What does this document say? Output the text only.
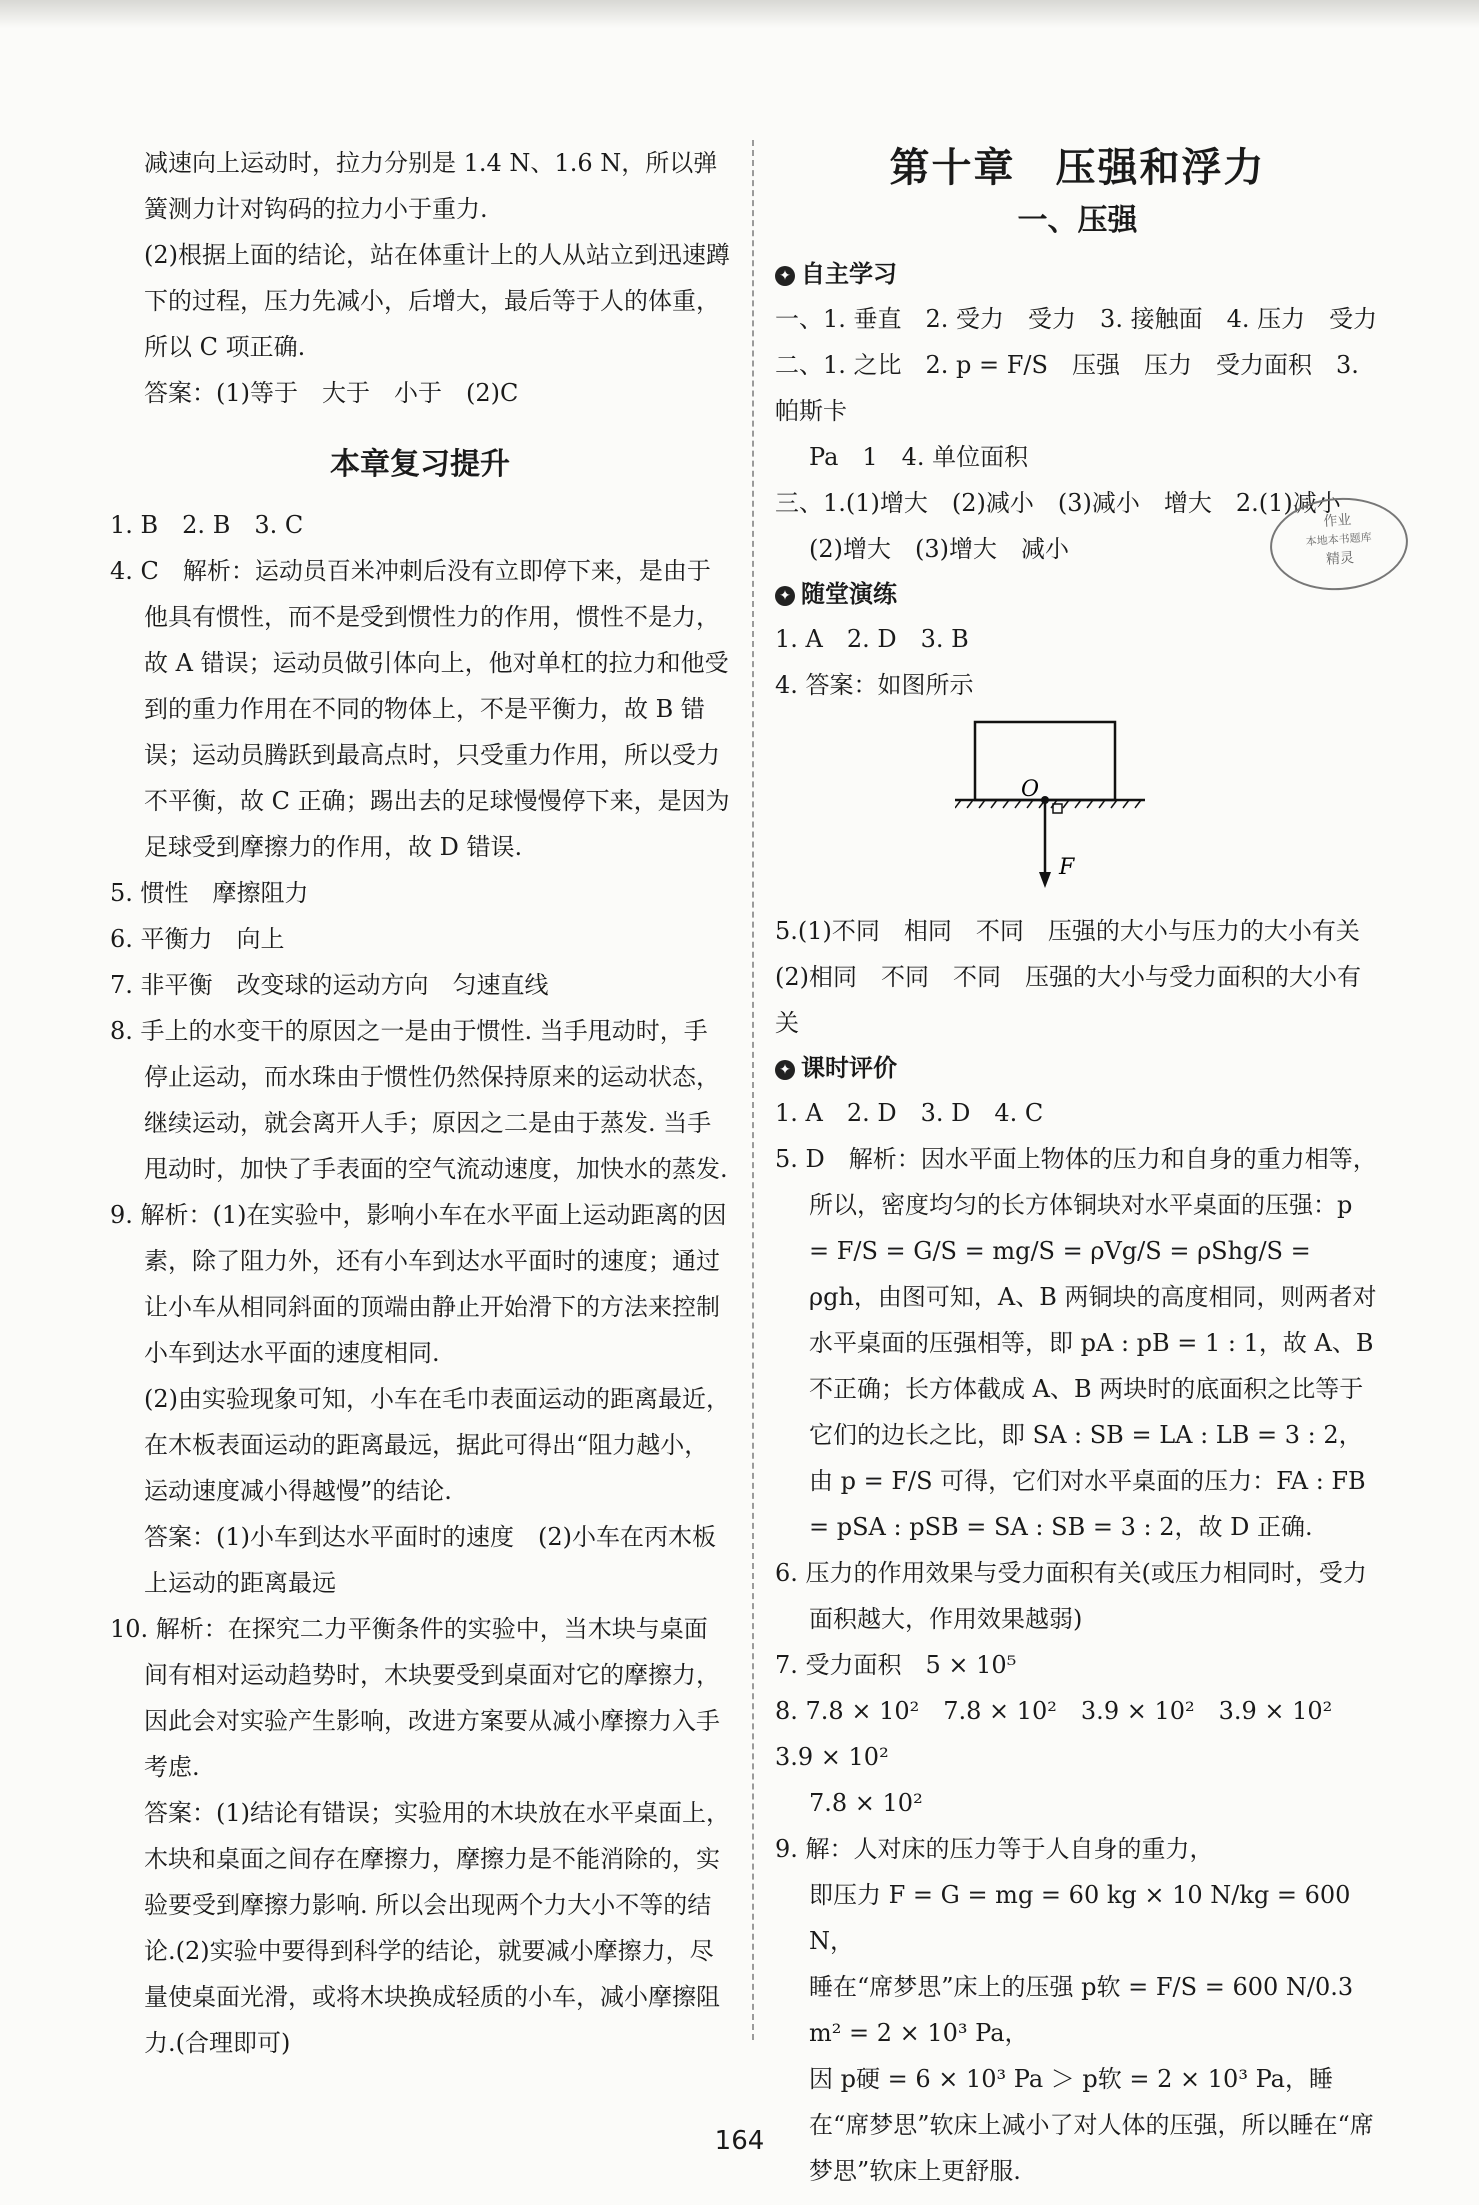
减速向上运动时，拉力分别是 1.4 N、1.6 N，所以弹簧测力计对钩码的拉力小于重力.

(2)根据上面的结论，站在体重计上的人从站立到迅速蹲下的过程，压力先减小，后增大，最后等于人的体重，所以 C 项正确.

答案：(1)等于　大于　小于　(2)C

本章复习提升

1. B　2. B　3. C

4. C　解析：运动员百米冲刺后没有立即停下来，是由于他具有惯性，而不是受到惯性力的作用，惯性不是力，故 A 错误；运动员做引体向上，他对单杠的拉力和他受到的重力作用在不同的物体上，不是平衡力，故 B 错误；运动员腾跃到最高点时，只受重力作用，所以受力不平衡，故 C 正确；踢出去的足球慢慢停下来，是因为足球受到摩擦力的作用，故 D 错误.

5. 惯性　摩擦阻力

6. 平衡力　向上

7. 非平衡　改变球的运动方向　匀速直线

8. 手上的水变干的原因之一是由于惯性. 当手甩动时，手停止运动，而水珠由于惯性仍然保持原来的运动状态，继续运动，就会离开人手；原因之二是由于蒸发. 当手甩动时，加快了手表面的空气流动速度，加快水的蒸发.

9. 解析：(1)在实验中，影响小车在水平面上运动距离的因素，除了阻力外，还有小车到达水平面时的速度；通过让小车从相同斜面的顶端由静止开始滑下的方法来控制小车到达水平面的速度相同.

(2)由实验现象可知，小车在毛巾表面运动的距离最近，在木板表面运动的距离最远，据此可得出“阻力越小，运动速度减小得越慢”的结论.

答案：(1)小车到达水平面时的速度　(2)小车在丙木板上运动的距离最远

10. 解析：在探究二力平衡条件的实验中，当木块与桌面间有相对运动趋势时，木块要受到桌面对它的摩擦力，因此会对实验产生影响，改进方案要从减小摩擦力入手考虑.

答案：(1)结论有错误；实验用的木块放在水平桌面上，木块和桌面之间存在摩擦力，摩擦力是不能消除的，实验要受到摩擦力影响. 所以会出现两个力大小不等的结论.(2)实验中要得到科学的结论，就要减小摩擦力，尽量使桌面光滑，或将木块换成轻质的小车，减小摩擦阻力.(合理即可)

第十章 压强和浮力
一、压强
✦ 自主学习

一、1. 垂直　2. 受力　受力　3. 接触面　4. 压力　受力

二、1. 之比　2. p = F/S　压强　压力　受力面积　3. 帕斯卡

Pa　1　4. 单位面积

三、1.(1)增大　(2)减小　(3)减小　增大　2.(1)减小

(2)增大　(3)增大　减小

✦ 随堂演练

1. A　2. D　3. B

4. 答案：如图所示

O
F

5.(1)不同　相同　不同　压强的大小与压力的大小有关

(2)相同　不同　不同　压强的大小与受力面积的大小有关

✦ 课时评价

1. A　2. D　3. D　4. C

5. D　解析：因水平面上物体的压力和自身的重力相等，所以，密度均匀的长方体铜块对水平桌面的压强：p = F/S = G/S = mg/S = ρVg/S = ρShg/S = ρgh，由图可知，A、B 两铜块的高度相同，则两者对水平桌面的压强相等，即 pA : pB = 1 : 1，故 A、B 不正确；长方体截成 A、B 两块时的底面积之比等于它们的边长之比，即 SA : SB = LA : LB = 3 : 2，由 p = F/S 可得，它们对水平桌面的压力：FA : FB = pSA : pSB = SA : SB = 3 : 2，故 D 正确.

6. 压力的作用效果与受力面积有关(或压力相同时，受力面积越大，作用效果越弱)

7. 受力面积　5 × 10⁵

8. 7.8 × 10²　7.8 × 10²　3.9 × 10²　3.9 × 10²　3.9 × 10²

7.8 × 10²

9. 解：人对床的压力等于人自身的重力，

即压力 F = G = mg = 60 kg × 10 N/kg = 600 N，

睡在“席梦思”床上的压强 p软 = F/S = 600 N/0.3 m² = 2 × 10³ Pa，

因 p硬 = 6 × 10³ Pa ＞ p软 = 2 × 10³ Pa，睡在“席梦思”软床上减小了对人体的压强，所以睡在“席梦思”软床上更舒服.

作业
本地本书题库
精灵
164
